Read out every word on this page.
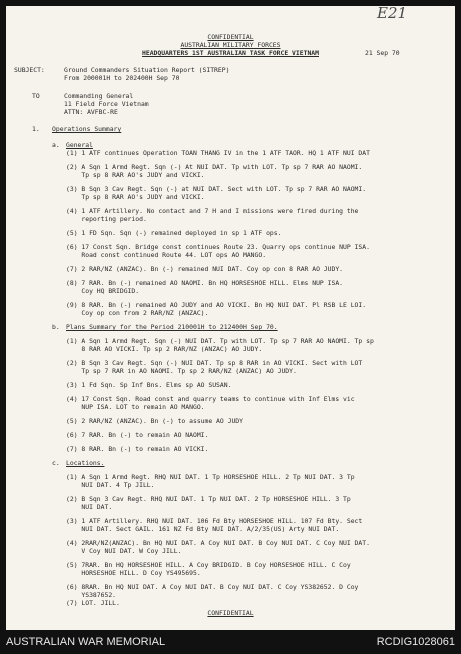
E21
CONFIDENTIAL
AUSTRALIAN MILITARY FORCES
HEADQUARTERS 1ST AUSTRALIAN TASK FORCE VIETNAM	21 Sep 70
SUBJECT:	Ground Commanders Situation Report (SITREP)
From 200001H to 202400H Sep 70
TO	Commanding General
11 Field Force Vietnam
ATTN: AVFBC-RE
1. Operations Summary
a. General
(1) 1 ATF continues Operation TOAN THANG IV in the 1 ATF TAOR. HQ 1 ATF NUI DAT
(2) A Sqn 1 Armd Regt. Sqn (-) At NUI DAT. Tp with LOT. Tp sp 7 RAR AO NAOMI.
Tp sp 8 RAR AO's JUDY and VICKI.
(3) B Sqn 3 Cav Regt. Sqn (-) at NUI DAT. Sect with LOT. Tp sp 7 RAR AO NAOMI.
Tp sp 8 RAR AO's JUDY and VICKI.
(4) 1 ATF Artillery. No contact and 7 H and I missions were fired during the
reporting period.
(5) 1 FD Sqn. Sqn (-) remained deployed in sp 1 ATF ops.
(6) 17 Const Sqn. Bridge const continues Route 23. Quarry ops continue NUP ISA.
Road const continued Route 44. LOT ops AO MANGO.
(7) 2 RAR/NZ (ANZAC). Bn (-) remained NUI DAT. Coy op con 8 RAR AO JUDY.
(8) 7 RAR. Bn (-) remained AO NAOMI. Bn HQ HORSESHOE HILL. Elms NUP ISA.
Coy HQ BRIDGID.
(9) 8 RAR. Bn (-) remained AO JUDY and AO VICKI. Bn HQ NUI DAT. Pl RSB LE LOI.
Coy op con from 2 RAR/NZ (ANZAC).
b. Plans Summary for the Period 210001H to 212400H Sep 70.
(1) A Sqn 1 Armd Regt. Sqn (-) NUI DAT. Tp with LOT. Tp sp 7 RAR AO NAOMI. Tp sp
8 RAR AO VICKI. Tp sp 2 RAR/NZ (ANZAC) AO JUDY.
(2) B Sqn 3 Cav Regt. Sqn (-) NUI DAT. Tp sp 8 RAR in AO VICKI. Sect with LOT
Tp sp 7 RAR in AO NAOMI. Tp sp 2 RAR/NZ (ANZAC) AO JUDY.
(3) 1 Fd Sqn. Sp Inf Bns. Elms sp AO SUSAN.
(4) 17 Const Sqn. Road const and quarry teams to continue with Inf Elms vic
NUP ISA. LOT to remain AO MANGO.
(5) 2 RAR/NZ (ANZAC). Bn (-) to assume AO JUDY
(6) 7 RAR. Bn (-) to remain AO NAOMI.
(7) 8 RAR. Bn (-) to remain AO VICKI.
c. Locations.
(1) A Sqn 1 Armd Regt. RHQ NUI DAT. 1 Tp HORSESHOE HILL. 2 Tp NUI DAT. 3 Tp
NUI DAT. 4 Tp JILL.
(2) B Sqn 3 Cav Regt. RHQ NUI DAT. 1 Tp NUI DAT. 2 Tp HORSESHOE HILL. 3 Tp
NUI DAT.
(3) 1 ATF Artillery. RHQ NUI DAT. 106 Fd Bty HORSESHOE HILL. 107 Fd Bty. Sect
NUI DAT. Sect GAIL. 161 NZ Fd Bty NUI DAT. A/2/35(US) Arty NUI DAT.
(4) 2RAR/NZ(ANZAC). Bn HQ NUI DAT. A Coy NUI DAT. B Coy NUI DAT. C Coy NUI DAT.
V Coy NUI DAT. W Coy JILL.
(5) 7RAR. Bn HQ HORSESHOE HILL. A Coy BRIDGID. B Coy HORSESHOE HILL. C Coy
HORSESHOE HILL. D Coy YS495695.
(6) 8RAR. Bn HQ NUI DAT. A Coy NUI DAT. B Coy NUI DAT. C Coy YS382652. D Coy
YS387652.
(7) LOT. JILL.
CONFIDENTIAL
AUSTRALIAN WAR MEMORIAL	RCDIG1028061
